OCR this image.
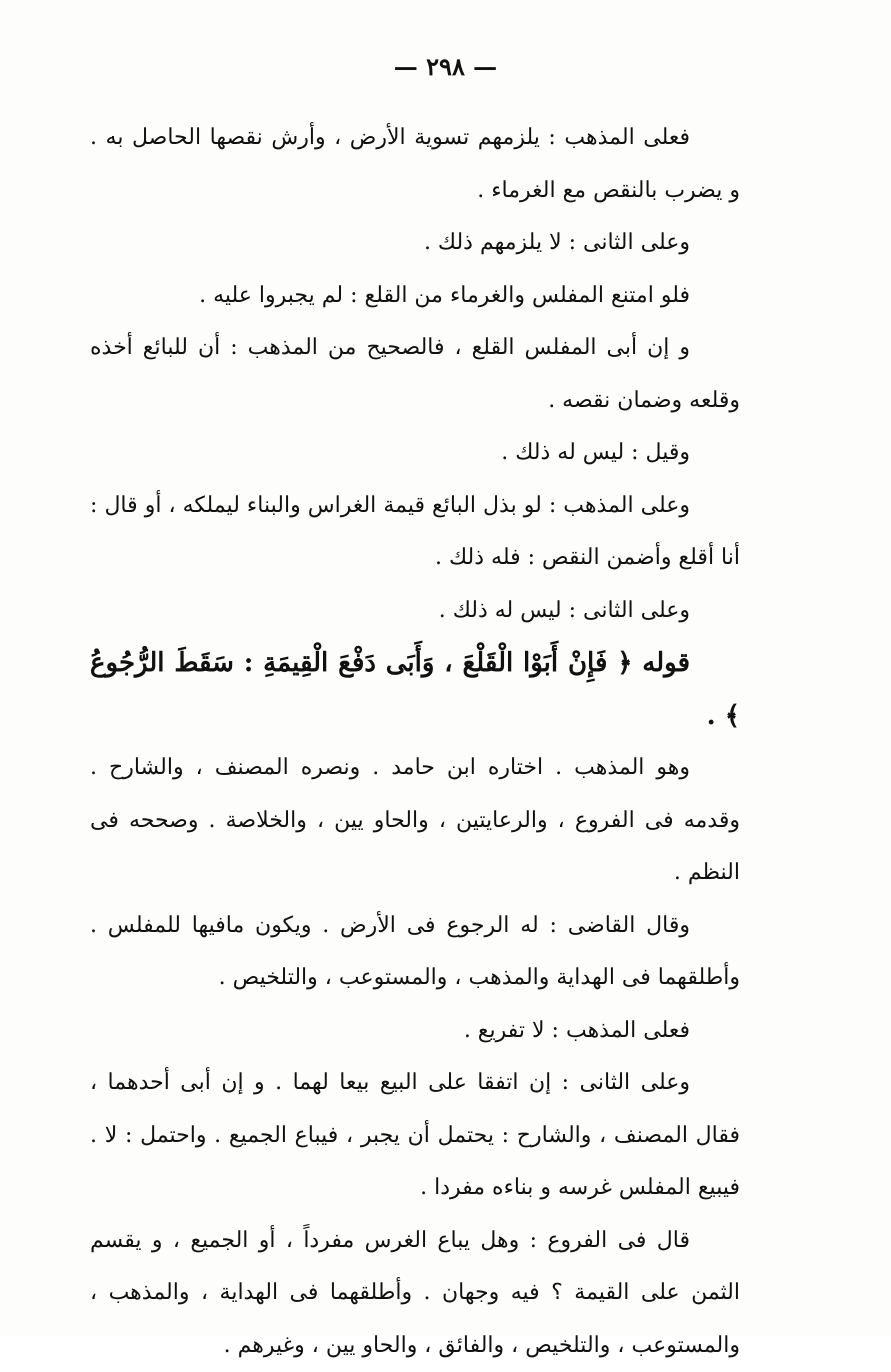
— ٢٩٨ —

فعلى المذهب : يلزمهم تسوية الأرض ، وأرش نقصها الحاصل به . و يضرب بالنقص مع الغرماء .

وعلى الثانى : لا يلزمهم ذلك .

فلو امتنع المفلس والغرماء من القلع : لم يجبروا عليه .

و إن أبى المفلس القلع ، فالصحيح من المذهب : أن للبائع أخذه وقلعه وضمان نقصه .

وقيل : ليس له ذلك .

وعلى المذهب : لو بذل البائع قيمة الغراس والبناء ليملكه ، أو قال : أنا أقلع وأضمن النقص : فله ذلك .

وعلى الثانى : ليس له ذلك .

قوله ﴿ فَإِنْ أَبَوْا الْقَلْعَ ، وَأَبَى دَفْعَ الْقِيمَةِ : سَقَطَ الرُّجُوعُ ﴾ .

وهو المذهب . اختاره ابن حامد . ونصره المصنف ، والشارح . وقدمه فى الفروع ، والرعايتين ، والحاو يين ، والخلاصة . وصححه فى النظم .

وقال القاضى : له الرجوع فى الأرض . ويكون مافيها للمفلس . وأطلقهما فى الهداية والمذهب ، والمستوعب ، والتلخيص .

فعلى المذهب : لا تفريع .

وعلى الثانى : إن اتفقا على البيع بيعا لهما . و إن أبى أحدهما ، فقال المصنف ، والشارح : يحتمل أن يجبر ، فيباع الجميع . واحتمل : لا . فيبيع المفلس غرسه و بناءه مفردا .

قال فى الفروع : وهل يباع الغرس مفرداً ، أو الجميع ، و يقسم الثمن على القيمة ؟ فيه وجهان . وأطلقهما فى الهداية ، والمذهب ، والمستوعب ، والتلخيص ، والفائق ، والحاو يين ، وغيرهم .
